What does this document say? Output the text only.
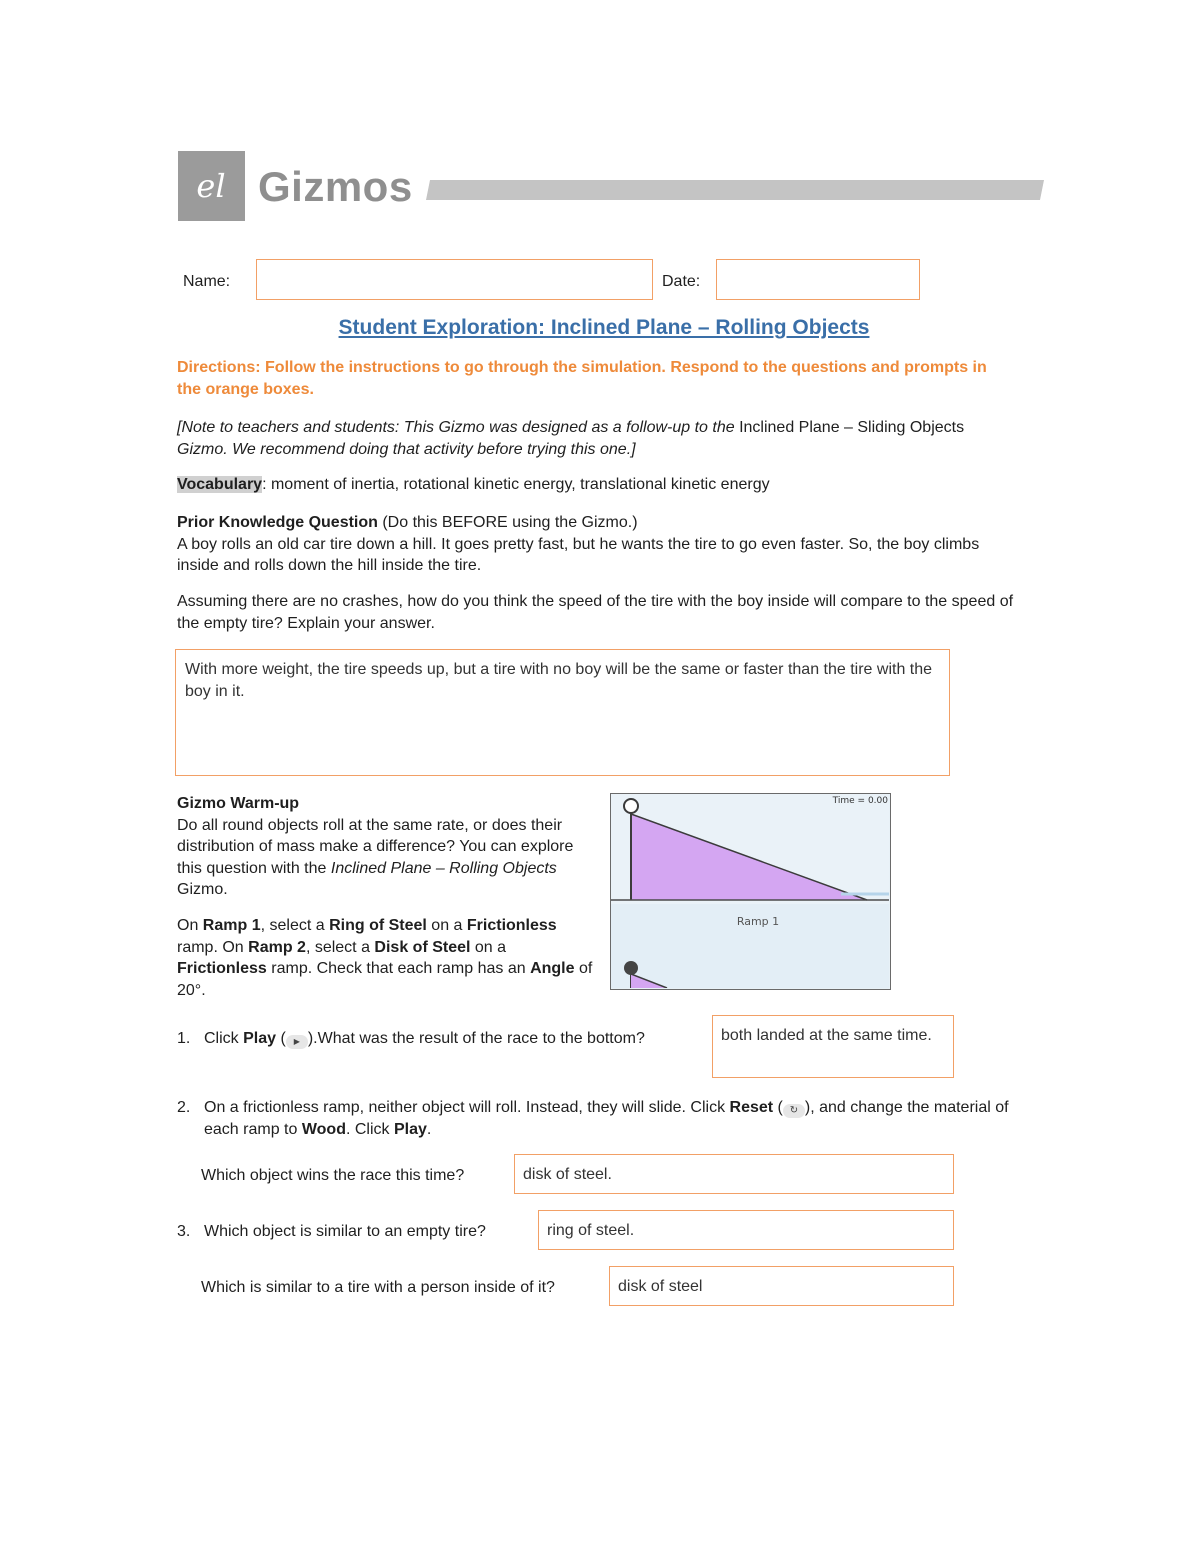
el Gizmos
Name:	Date:
Student Exploration: Inclined Plane – Rolling Objects
Directions: Follow the instructions to go through the simulation. Respond to the questions and prompts in the orange boxes.
[Note to teachers and students: This Gizmo was designed as a follow-up to the Inclined Plane – Sliding Objects Gizmo. We recommend doing that activity before trying this one.]
Vocabulary: moment of inertia, rotational kinetic energy, translational kinetic energy
Prior Knowledge Question (Do this BEFORE using the Gizmo.)
A boy rolls an old car tire down a hill. It goes pretty fast, but he wants the tire to go even faster. So, the boy climbs inside and rolls down the hill inside the tire.
Assuming there are no crashes, how do you think the speed of the tire with the boy inside will compare to the speed of the empty tire? Explain your answer.
With more weight, the tire speeds up, but a tire with no boy will be the same or faster than the tire with the boy in it.
Gizmo Warm-up
Do all round objects roll at the same rate, or does their distribution of mass make a difference? You can explore this question with the Inclined Plane – Rolling Objects Gizmo.
On Ramp 1, select a Ring of Steel on a Frictionless ramp. On Ramp 2, select a Disk of Steel on a Frictionless ramp. Check that each ramp has an Angle of 20°.
Time = 0.00
Ramp 1
1. Click Play ( ▶ ).What was the result of the race to the bottom?	both landed at the same time.
2. On a frictionless ramp, neither object will roll. Instead, they will slide. Click Reset ( ↻ ), and change the material of each ramp to Wood. Click Play.
Which object wins the race this time?	disk of steel.
3. Which object is similar to an empty tire?	ring of steel.
Which is similar to a tire with a person inside of it?	disk of steel
